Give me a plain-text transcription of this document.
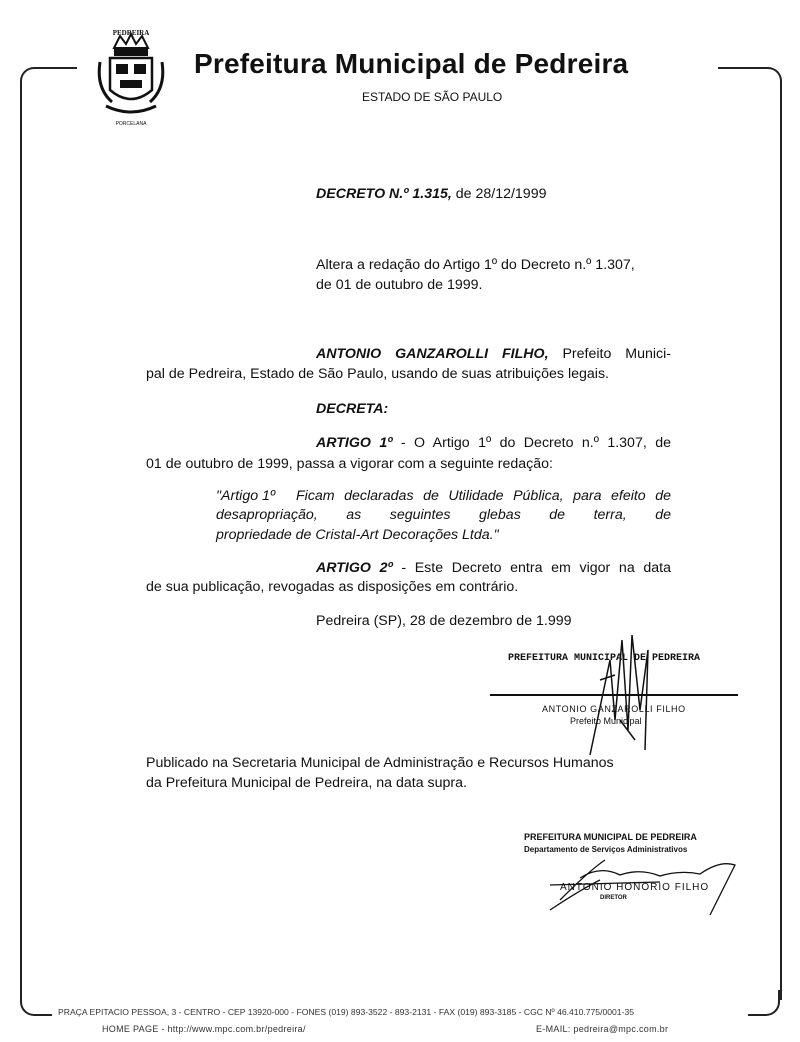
PEDREIRA
PORCELANA
Prefeitura Municipal de Pedreira
ESTADO DE SÃO PAULO
DECRETO N.º 1.315, de 28/12/1999
Altera a redação do Artigo 1º do Decreto n.º 1.307,
de 01 de outubro de 1999.
ANTONIO GANZAROLLI FILHO, Prefeito Munici-
pal de Pedreira, Estado de São Paulo, usando de suas atribuições legais.
DECRETA:
ARTIGO 1º - O Artigo 1º do Decreto n.º 1.307, de
01 de outubro de 1999, passa a vigorar com a seguinte redação:
"Artigo 1º Ficam declaradas de Utilidade Pública, para efeito de
desapropriação, as seguintes glebas de terra, de
propriedade de Cristal-Art Decorações Ltda."
ARTIGO 2º - Este Decreto entra em vigor na data
de sua publicação, revogadas as disposições em contrário.
Pedreira (SP), 28 de dezembro de 1.999
PREFEITURA MUNICIPAL DE PEDREIRA
ANTONIO GANZAROLLI FILHO
Prefeito Municipal
Publicado na Secretaria Municipal de Administração e Recursos Humanos
da Prefeitura Municipal de Pedreira, na data supra.
PREFEITURA MUNICIPAL DE PEDREIRA
Departamento de Serviços Administrativos
ANTONIO HONORIO FILHO
DIRETOR
PRAÇA EPITACIO PESSOA, 3 - CENTRO - CEP 13920-000 - FONES (019) 893-3522 - 893-2131 - FAX (019) 893-3185 - CGC Nº 46.410.775/0001-35
HOME PAGE - http://www.mpc.com.br/pedreira/	E-MAIL: pedreira@mpc.com.br
